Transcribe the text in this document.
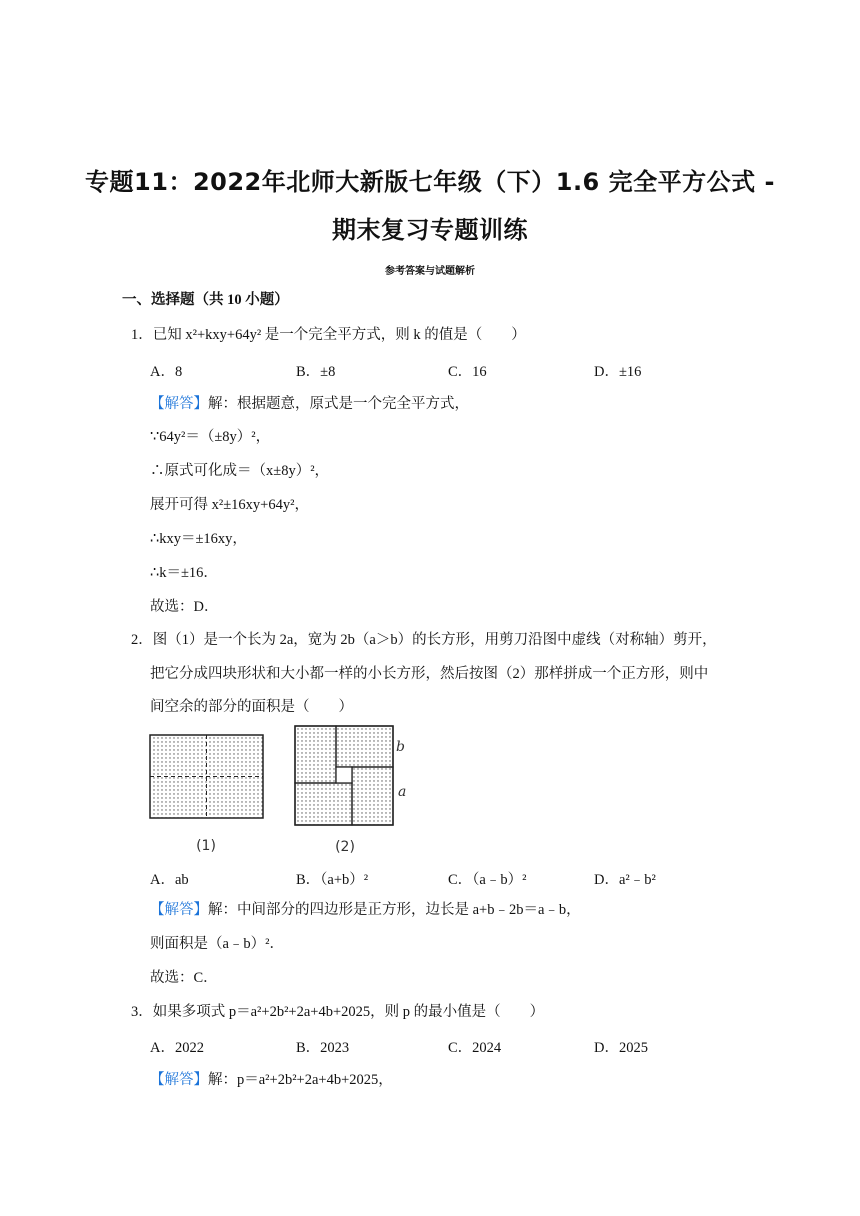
专题11：2022年北师大新版七年级（下）1.6 完全平方公式 -
期末复习专题训练
参考答案与试题解析
一、选择题（共 10 小题）
1．已知 x²+kxy+64y² 是一个完全平方式，则 k 的值是（　　）
A．8	B．±8	C．16	D．±16
【解答】解：根据题意，原式是一个完全平方式，
∵64y²＝（±8y）²，
∴原式可化成＝（x±8y）²，
展开可得 x²±16xy+64y²，
∴kxy＝±16xy，
∴k＝±16．
故选：D．
2．图（1）是一个长为 2a，宽为 2b（a＞b）的长方形，用剪刀沿图中虚线（对称轴）剪开，
把它分成四块形状和大小都一样的小长方形，然后按图（2）那样拼成一个正方形，则中
间空余的部分的面积是（　　）
(1)
b
a
(2)
A．ab	B．（a+b）²	C．（a﹣b）²	D．a²﹣b²
【解答】解：中间部分的四边形是正方形，边长是 a+b﹣2b＝a﹣b，
则面积是（a﹣b）²．
故选：C．
3．如果多项式 p＝a²+2b²+2a+4b+2025，则 p 的最小值是（　　）
A．2022	B．2023	C．2024	D．2025
【解答】解：p＝a²+2b²+2a+4b+2025，
